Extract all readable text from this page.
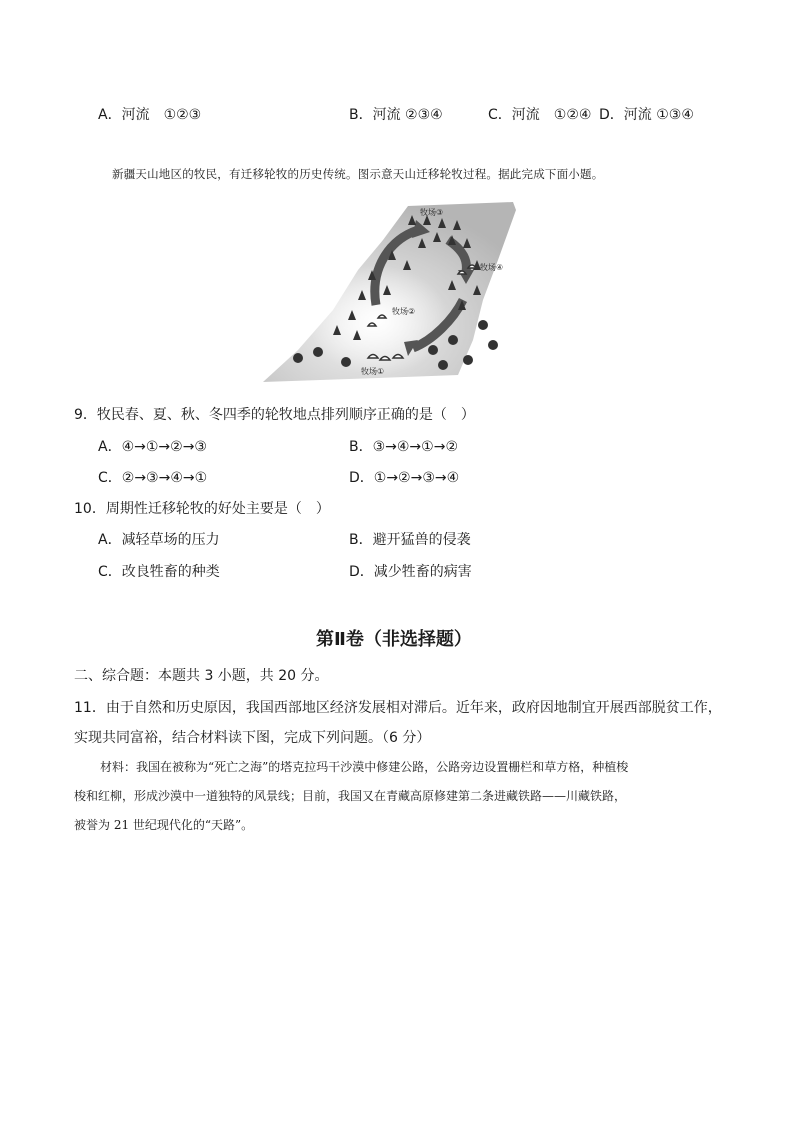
A．河流　①②③	B．河流 ②③④	C．河流　①②④ D．河流 ①③④
新疆天山地区的牧民，有迁移轮牧的历史传统。图示意天山迁移轮牧过程。据此完成下面小题。
牧场③
牧场④
牧场②
牧场①
9．牧民春、夏、秋、冬四季的轮牧地点排列顺序正确的是（　）
A．④→①→②→③	B．③→④→①→②
C．②→③→④→①	D．①→②→③→④
10．周期性迁移轮牧的好处主要是（　）
A．减轻草场的压力	B．避开猛兽的侵袭
C．改良牲畜的种类	D．减少牲畜的病害
第Ⅱ卷（非选择题）
二、综合题：本题共 3 小题，共 20 分。
11．由于自然和历史原因，我国西部地区经济发展相对滞后。近年来，政府因地制宜开展西部脱贫工作，
实现共同富裕，结合材料读下图，完成下列问题。（6 分）
材料：我国在被称为“死亡之海”的塔克拉玛干沙漠中修建公路，公路旁边设置栅栏和草方格，种植梭
梭和红柳，形成沙漠中一道独特的风景线；目前，我国又在青藏高原修建第二条进藏铁路——川藏铁路，
被誉为 21 世纪现代化的“天路”。
